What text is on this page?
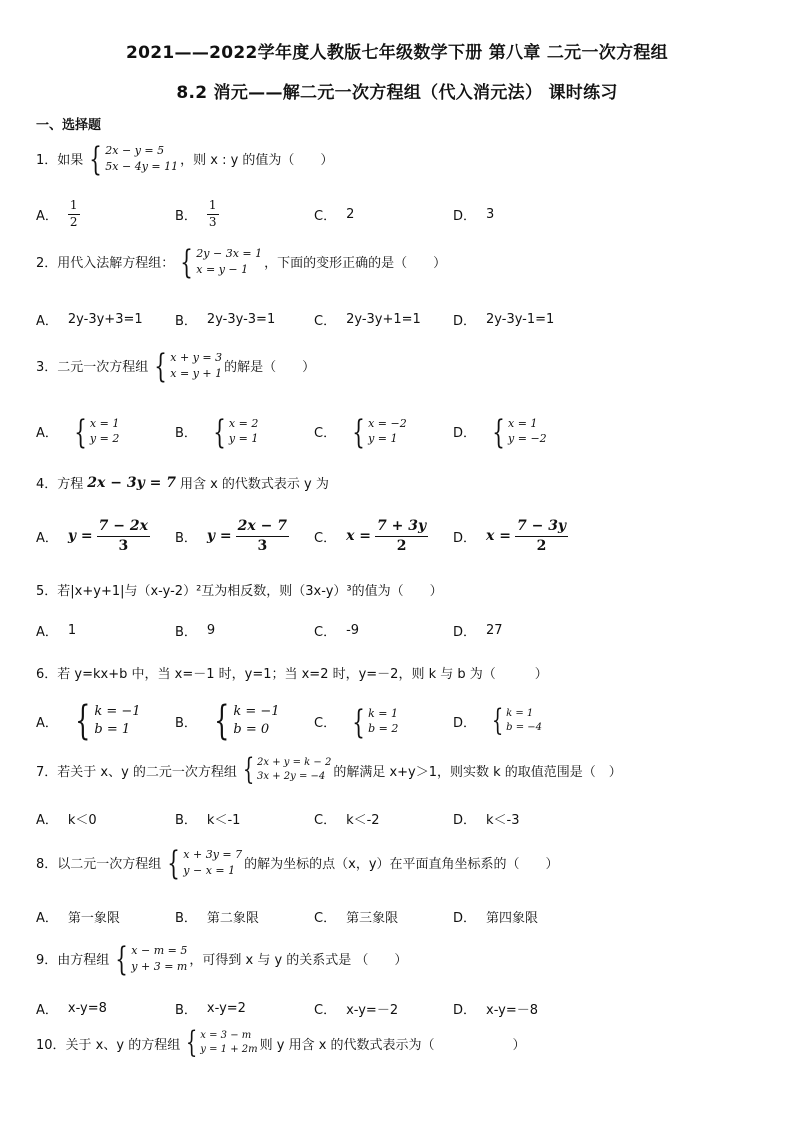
2021——2022学年度人教版七年级数学下册 第八章 二元一次方程组
8.2 消元——解二元一次方程组（代入消元法） 课时练习
一、选择题
1． 如果 { 2x − y = 5
5x − 4y = 11 ，则 x : y 的值为（　　）
A． $\frac{1}{2}$	B． $\frac{1}{3}$	C． 2	D． 3
2． 用代入法解方程组： { 2y − 3x = 1
x = y − 1	，下面的变形正确的是（　　）
A． 2y-3y+3=1 B． 2y-3y-3=1	C． 2y-3y+1=1 D． 2y-3y-1=1
3． 二元一次方程组 { x + y = 3
x = y + 1 的解是（　　）
A． { x = 1
y = 2	B． { x = 2
y = 1	C． { x = −2
y = 1	D． { x = 1
y = −2
4． 方程 2x − 3y = 7 用含 x 的代数式表示 y 为
A． $y = \frac{7 - 2x}{3}$ B． $y = \frac{2x - 7}{3}$ C． $x = \frac{7 + 3y}{2}$ D． $x = \frac{7 - 3y}{2}$
5． 若|x+y+1|与（x-y-2）²互为相反数，则（3x-y）³的值为（　　）
A． 1	B． 9	C． -9	D． 27
6． 若 y=kx+b 中，当 x=－1 时，y=1；当 x=2 时，y=－2，则 k 与 b 为（　　　）
A． { k = −1
b = 1	B． { k = −1
b = 0	C． { k = 1
b = 2	D． { k = 1
b = −4
7． 若关于 x、y 的二元一次方程组 { 2x + y = k − 2
3x + 2y = −4 的解满足 x+y＞1，则实数 k 的取值范围是（　）
A． k＜0	B． k＜-1	C． k＜-2	D． k＜-3
8． 以二元一次方程组 { x + 3y = 7
y − x = 1 的解为坐标的点（x，y）在平面直角坐标系的（　　）
A． 第一象限	B． 第二象限	C． 第三象限	D． 第四象限
9． 由方程组 { x − m = 5
y + 3 = m ，可得到 x 与 y 的关系式是 （　　）
A． x-y=8	B． x-y=2	C． x-y=－2	D． x-y=－8
10． 关于 x、y 的方程组 { x = 3 − m
y = 1 + 2m 则 y 用含 x 的代数式表示为（　　　　　　）
